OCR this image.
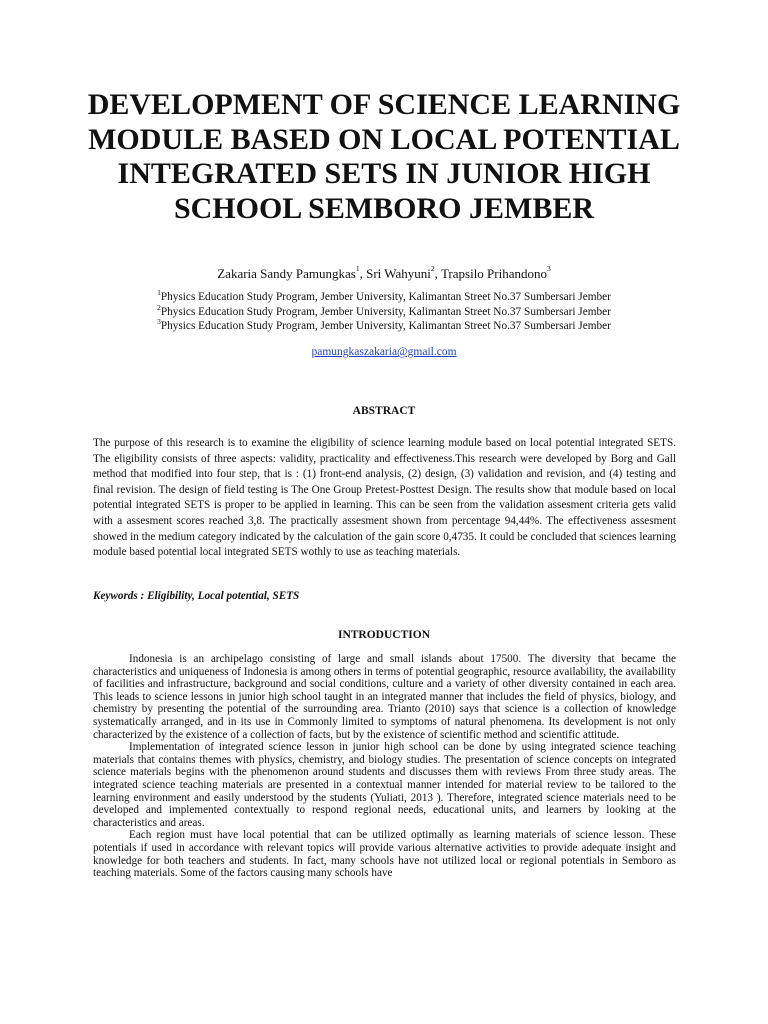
DEVELOPMENT OF SCIENCE LEARNING MODULE BASED ON LOCAL POTENTIAL INTEGRATED SETS IN JUNIOR HIGH SCHOOL SEMBORO JEMBER
Zakaria Sandy Pamungkas$^1$, Sri Wahyuni$^2$, Trapsilo Prihandono$^3$
$^1$Physics Education Study Program, Jember University, Kalimantan Street No.37 Sumbersari Jember
$^2$Physics Education Study Program, Jember University, Kalimantan Street No.37 Sumbersari Jember
$^3$Physics Education Study Program, Jember University, Kalimantan Street No.37 Sumbersari Jember
pamungkaszakaria@gmail.com
ABSTRACT
The purpose of this research is to examine the eligibility of science learning module based on local potential integrated SETS. The eligibility consists of three aspects: validity, practicality and effectiveness.This research were developed by Borg and Gall method that modified into four step, that is : (1) front-end analysis, (2) design, (3) validation and revision, and (4) testing and final revision. The design of field testing is The One Group Pretest-Posttest Design. The results show that module based on local potential integrated SETS is proper to be applied in learning. This can be seen from the validation assesment criteria gets valid with a assesment scores reached 3,8. The practically assesment shown from percentage 94,44%. The effectiveness assesment showed in the medium category indicated by the calculation of the gain score 0,4735. It could be concluded that sciences learning module based potential local integrated SETS wothly to use as teaching materials.
Keywords : Eligibility, Local potential, SETS
INTRODUCTION

Indonesia is an archipelago consisting of large and small islands about 17500. The diversity that became the characteristics and uniqueness of Indonesia is among others in terms of potential geographic, resource availability, the availability of facilities and infrastructure, background and social conditions, culture and a variety of other diversity contained in each area. This leads to science lessons in junior high school taught in an integrated manner that includes the field of physics, biology, and chemistry by presenting the potential of the surrounding area. Trianto (2010) says that science is a collection of knowledge systematically arranged, and in its use in Commonly limited to symptoms of natural phenomena. Its development is not only characterized by the existence of a collection of facts, but by the existence of scientific method and scientific attitude.

Implementation of integrated science lesson in junior high school can be done by using integrated science teaching materials that contains themes with physics, chemistry, and biology studies. The presentation of science concepts on integrated science materials begins with the phenomenon around students and discusses them with reviews From three study areas. The integrated science teaching materials are presented in a contextual manner intended for material review to be tailored to the learning environment and easily understood by the students (Yuliati, 2013 ). Therefore, integrated science materials need to be developed and implemented contextually to respond regional needs, educational units, and learners by looking at the characteristics and areas.

Each region must have local potential that can be utilized optimally as learning materials of science lesson. These potentials if used in accordance with relevant topics will provide various alternative activities to provide adequate insight and knowledge for both teachers and students. In fact, many schools have not utilized local or regional potentials in Semboro as teaching materials. Some of the factors causing many schools have
